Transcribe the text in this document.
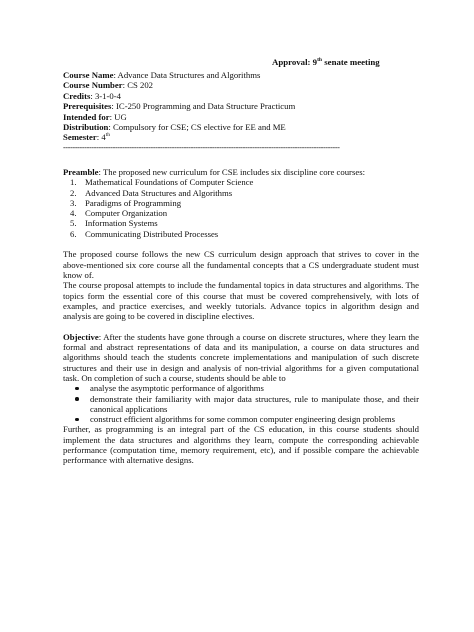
Approval: 9th senate meeting
Course Name: Advance Data Structures and Algorithms
Course Number: CS 202
Credits: 3-1-0-4
Prerequisites: IC-250 Programming and Data Structure Practicum
Intended for: UG
Distribution: Compulsory for CSE; CS elective for EE and ME
Semester: 4th
---------------------------------------------------------------------------------------------------------------------

Preamble: The proposed new curriculum for CSE includes six discipline core courses:

1. Mathematical Foundations of Computer Science
2. Advanced Data Structures and Algorithms
3. Paradigms of Programming
4. Computer Organization
5. Information Systems
6. Communicating Distributed Processes

The proposed course follows the new CS curriculum design approach that strives to cover in the above-mentioned six core course all the fundamental concepts that a CS undergraduate student must know of.

The course proposal attempts to include the fundamental topics in data structures and algorithms. The topics form the essential core of this course that must be covered comprehensively, with lots of examples, and practice exercises, and weekly tutorials. Advance topics in algorithm design and analysis are going to be covered in discipline electives.

Objective: After the students have gone through a course on discrete structures, where they learn the formal and abstract representations of data and its manipulation, a course on data structures and algorithms should teach the students concrete implementations and manipulation of such discrete structures and their use in design and analysis of non-trivial algorithms for a given computational task. On completion of such a course, students should be able to

analyse the asymptotic performance of algorithms
demonstrate their familiarity with major data structures, rule to manipulate those, and their canonical applications
construct efficient algorithms for some common computer engineering design problems

Further, as programming is an integral part of the CS education, in this course students should implement the data structures and algorithms they learn, compute the corresponding achievable performance (computation time, memory requirement, etc), and if possible compare the achievable performance with alternative designs.
